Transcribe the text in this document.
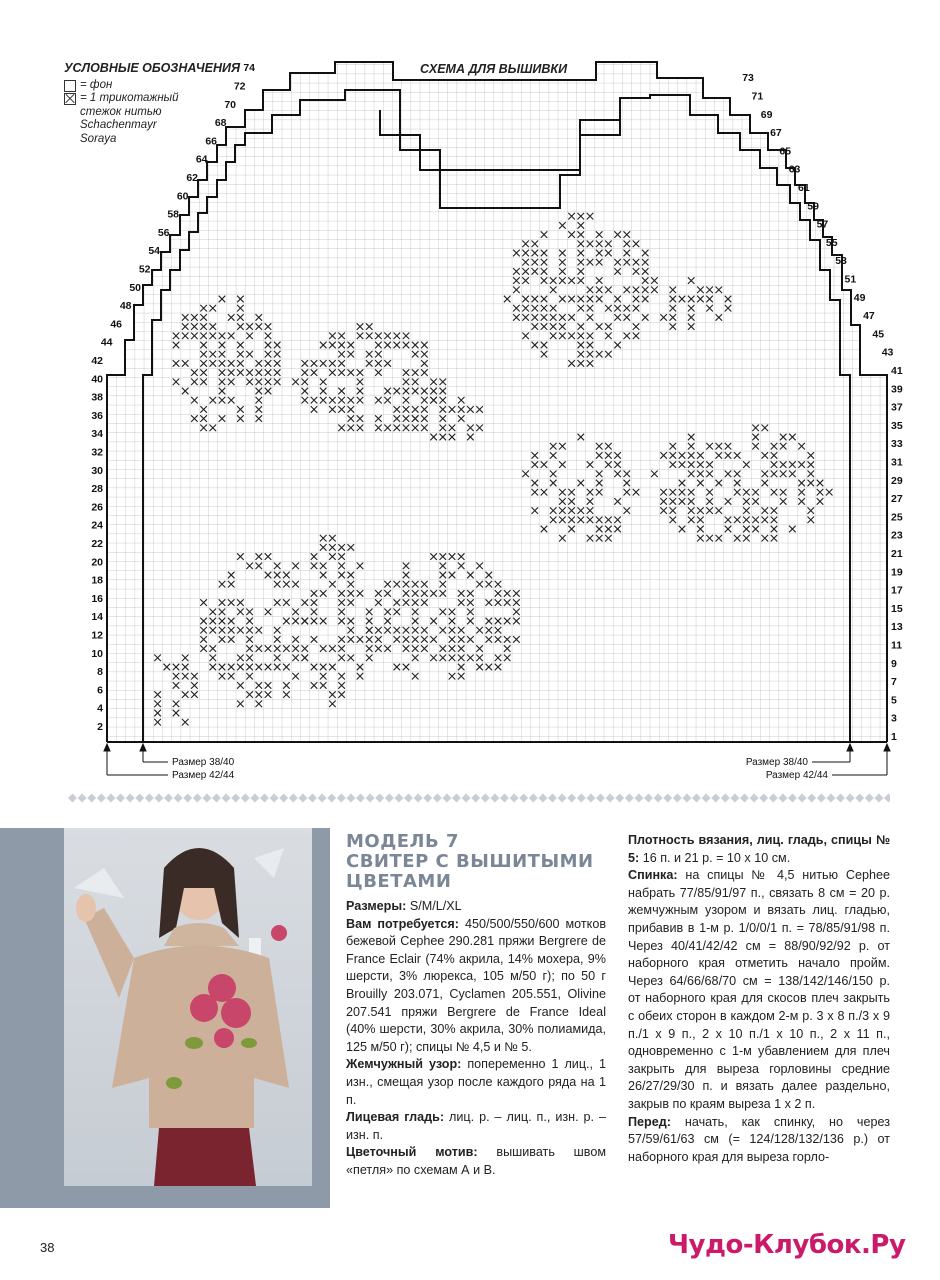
УСЛОВНЫЕ ОБОЗНАЧЕНИЯ
= фон
= 1 трикотажный стежок нитью Schachenmayr Soraya
СХЕМА ДЛЯ ВЫШИВКИ
2
4
6
8
10
12
14
16
18
20
22
24
26
28
30
32
34
36
38
40
42
44
46
48
50
52
54
56
58
60
62
64
66
68
70
72
74
1
3
5
7
9
11
13
15
17
19
21
23
25
27
29
31
33
35
37
39
41
43
45
47
49
51
53
55
57
59
61
63
65
67
69
71
73
Размер 38/40
Размер 42/44
Размер 38/40
Размер 42/44
38
МОДЕЛЬ 7
СВИТЕР С ВЫШИТЫМИ
ЦВЕТАМИ

Размеры: S/M/L/XL

Вам потребуется: 450/500/550/600 мотков бежевой Cephee 290.281 пряжи Bergrere de France Eclair (74% акрила, 14% мохера, 9% шерсти, 3% люрекса, 105 м/50 г); по 50 г Brouilly 203.071, Cyclamen 205.551, Olivine 207.541 пряжи Bergrere de France Ideal (40% шерсти, 30% акрила, 30% полиамида, 125 м/50 г); спицы № 4,5 и № 5.

Жемчужный узор: попеременно 1 лиц., 1 изн., смещая узор после каждого ряда на 1 п.

Лицевая гладь: лиц. р. – лиц. п., изн. р. – изн. п.

Цветочный мотив: вышивать швом «петля» по схемам А и В.

Плотность вязания, лиц. гладь, спицы № 5: 16 п. и 21 р. = 10 x 10 см.

Спинка: на спицы № 4,5 нитью Cephee набрать 77/85/91/97 п., связать 8 см = 20 р. жемчужным узором и вязать лиц. гладью, прибавив в 1-м р. 1/0/0/1 п. = 78/85/91/98 п. Через 40/41/42/42 см = 88/90/92/92 р. от наборного края отметить начало пройм. Через 64/66/68/70 см = 138/142/146/150 р. от наборного края для скосов плеч закрыть с обеих сторон в каждом 2-м р. 3 x 8 п./3 x 9 п./1 x 9 п., 2 x 10 п./1 x 10 п., 2 x 11 п., одновременно с 1-м убавлением для плеч закрыть для выреза горловины средние 26/27/29/30 п. и вязать далее раздельно, закрыв по краям выреза 1 x 2 п.

Перед: начать, как спинку, но через 57/59/61/63 см (= 124/128/132/136 р.) от наборного края для выреза горло-

Чудо-Клубок.Ру
